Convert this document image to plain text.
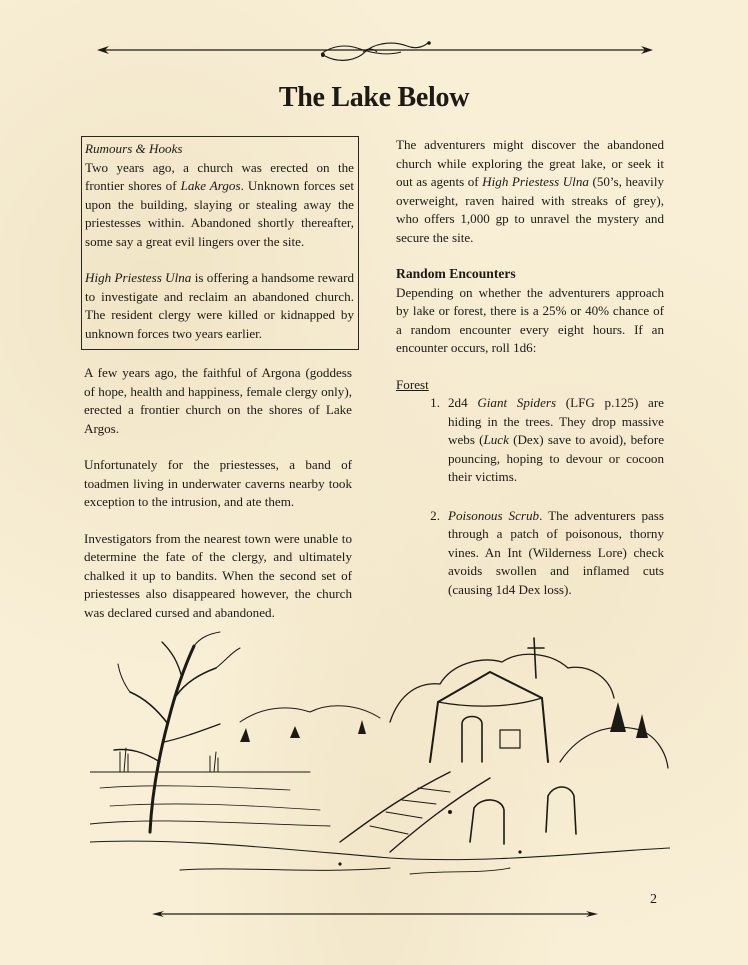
The Lake Below

Rumours & Hooks

Two years ago, a church was erected on the frontier shores of Lake Argos. Unknown forces set upon the building, slaying or stealing away the priestesses within. Abandoned shortly thereafter, some say a great evil lingers over the site.

High Priestess Ulna is offering a handsome reward to investigate and reclaim an abandoned church. The resident clergy were killed or kidnapped by unknown forces two years earlier.

A few years ago, the faithful of Argona (goddess of hope, health and happiness, female clergy only), erected a frontier church on the shores of Lake Argos.

Unfortunately for the priestesses, a band of toadmen living in underwater caverns nearby took exception to the intrusion, and ate them.

Investigators from the nearest town were unable to determine the fate of the clergy, and ultimately chalked it up to bandits. When the second set of priestesses also disappeared however, the church was declared cursed and abandoned.

The adventurers might discover the abandoned church while exploring the great lake, or seek it out as agents of High Priestess Ulna (50’s, heavily overweight, raven haired with streaks of grey), who offers 1,000 gp to unravel the mystery and secure the site.

Random Encounters

Depending on whether the adventurers approach by lake or forest, there is a 25% or 40% chance of a random encounter every eight hours. If an encounter occurs, roll 1d6:

Forest

1. 2d4 Giant Spiders (LFG p.125) are hiding in the trees. They drop massive webs (Luck (Dex) save to avoid), before pouncing, hoping to devour or cocoon their victims.
2. Poisonous Scrub. The adventurers pass through a patch of poisonous, thorny vines. An Int (Wilderness Lore) check avoids swollen and inflamed cuts (causing 1d4 Dex loss).

2
